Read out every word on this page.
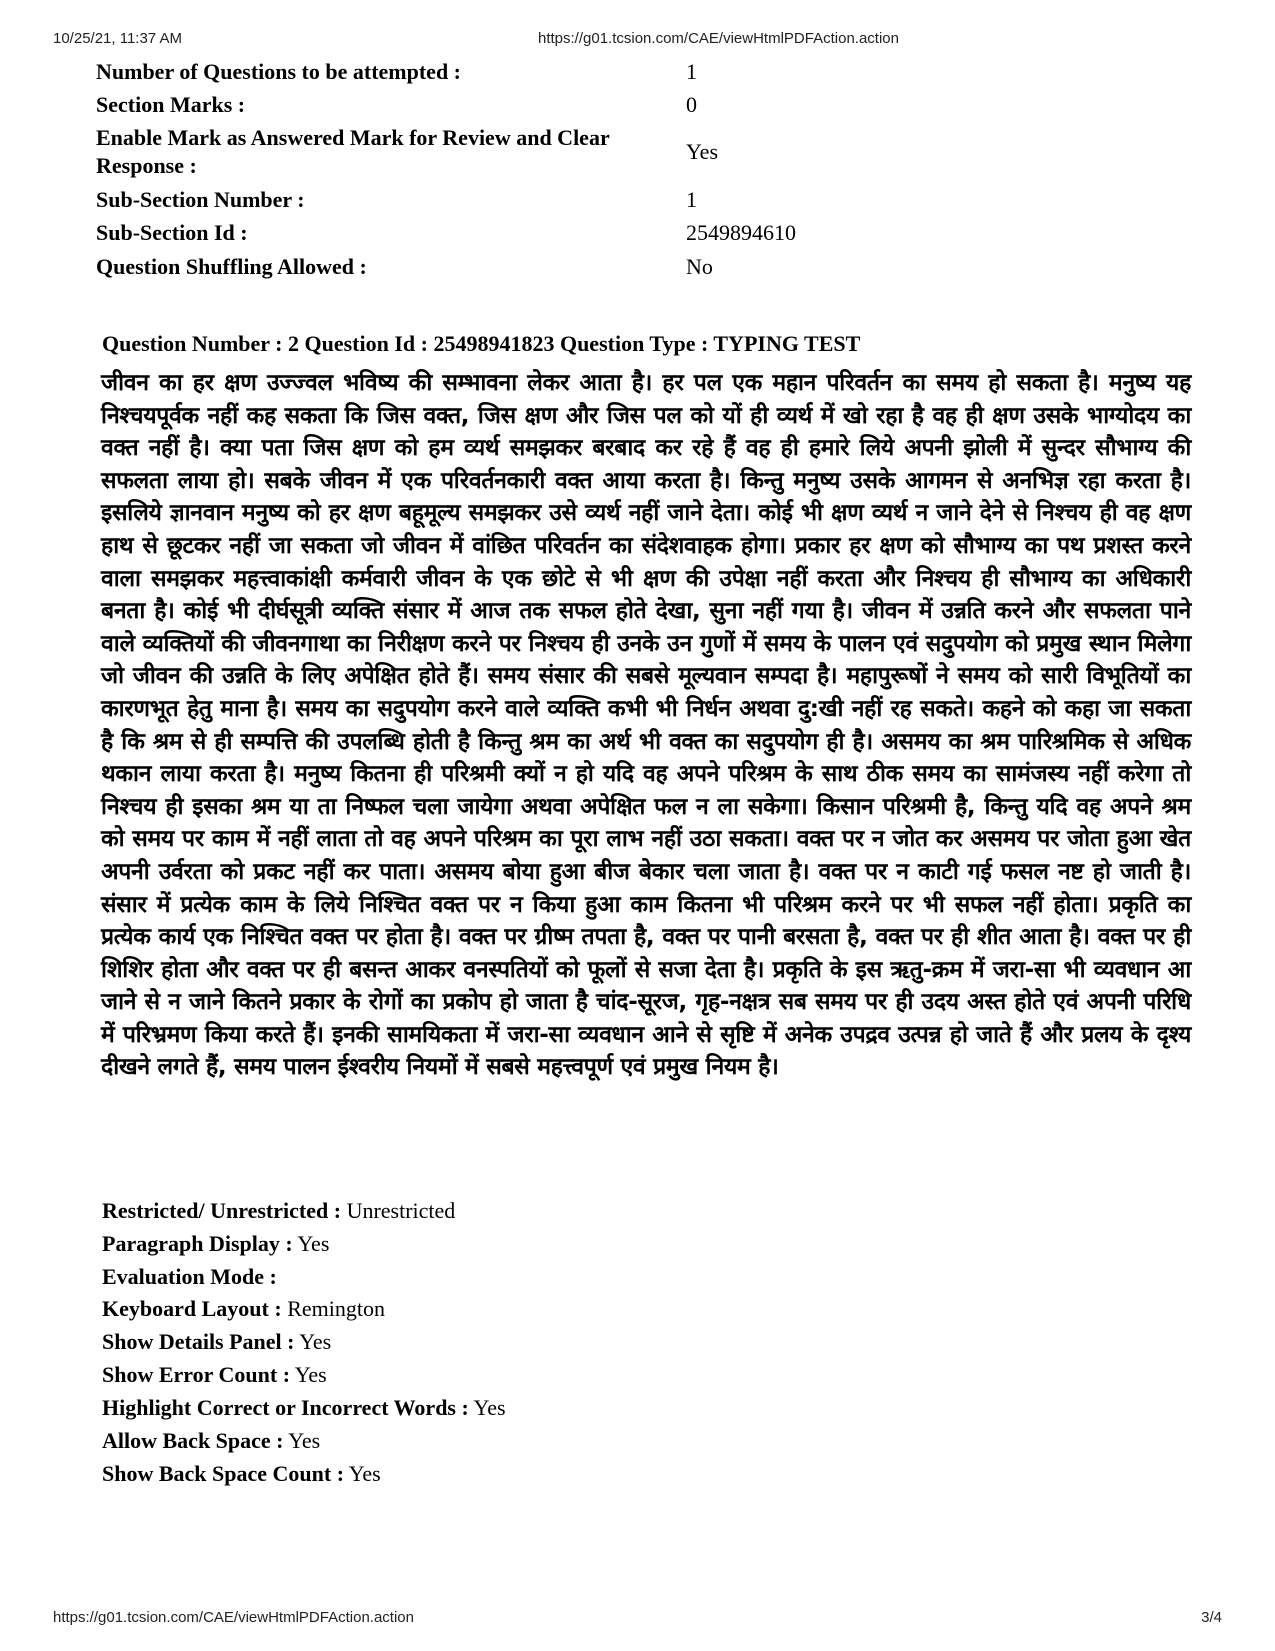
10/25/21, 11:37 AM	https://g01.tcsion.com/CAE/viewHtmlPDFAction.action
Number of Questions to be attempted :	1
Section Marks :	0
Enable Mark as Answered Mark for Review and Clear Response :	Yes
Sub-Section Number :	1
Sub-Section Id :	2549894610
Question Shuffling Allowed :	No
Question Number : 2 Question Id : 25498941823 Question Type : TYPING TEST
जीवन का हर क्षण उज्ज्वल भविष्य की सम्भावना लेकर आता है। हर पल एक महान परिवर्तन का समय हो सकता है। मनुष्य यह निश्चयपूर्वक नहीं कह सकता कि जिस वक्त, जिस क्षण और जिस पल को यों ही व्यर्थ में खो रहा है वह ही क्षण उसके भाग्योदय का वक्त नहीं है। क्या पता जिस क्षण को हम व्यर्थ समझकर बरबाद कर रहे हैं वह ही हमारे लिये अपनी झोली में सुन्दर सौभाग्य की सफलता लाया हो। सबके जीवन में एक परिवर्तनकारी वक्त आया करता है। किन्तु मनुष्य उसके आगमन से अनभिज्ञ रहा करता है। इसलिये ज्ञानवान मनुष्य को हर क्षण बहूमूल्य समझकर उसे व्यर्थ नहीं जाने देता। कोई भी क्षण व्यर्थ न जाने देने से निश्चय ही वह क्षण हाथ से छूटकर नहीं जा सकता जो जीवन में वांछित परिवर्तन का संदेशवाहक होगा। प्रकार हर क्षण को सौभाग्य का पथ प्रशस्त करने वाला समझकर महत्त्वाकांक्षी कर्मवारी जीवन के एक छोटे से भी क्षण की उपेक्षा नहीं करता और निश्चय ही सौभाग्य का अधिकारी बनता है। कोई भी दीर्घसूत्री व्यक्ति संसार में आज तक सफल होते देखा, सुना नहीं गया है। जीवन में उन्नति करने और सफलता पाने वाले व्यक्तियों की जीवनगाथा का निरीक्षण करने पर निश्चय ही उनके उन गुणों में समय के पालन एवं सदुपयोग को प्रमुख स्थान मिलेगा जो जीवन की उन्नति के लिए अपेक्षित होते हैं। समय संसार की सबसे मूल्यवान सम्पदा है। महापुरूषों ने समय को सारी विभूतियों का कारणभूत हेतु माना है। समय का सदुपयोग करने वाले व्यक्ति कभी भी निर्धन अथवा दु:खी नहीं रह सकते। कहने को कहा जा सकता है कि श्रम से ही सम्पत्ति की उपलब्धि होती है किन्तु श्रम का अर्थ भी वक्त का सदुपयोग ही है। असमय का श्रम पारिश्रमिक से अधिक थकान लाया करता है। मनुष्य कितना ही परिश्रमी क्यों न हो यदि वह अपने परिश्रम के साथ ठीक समय का सामंजस्य नहीं करेगा तो निश्चय ही इसका श्रम या ता निष्फल चला जायेगा अथवा अपेक्षित फल न ला सकेगा। किसान परिश्रमी है, किन्तु यदि वह अपने श्रम को समय पर काम में नहीं लाता तो वह अपने परिश्रम का पूरा लाभ नहीं उठा सकता। वक्त पर न जोत कर असमय पर जोता हुआ खेत अपनी उर्वरता को प्रकट नहीं कर पाता। असमय बोया हुआ बीज बेकार चला जाता है। वक्त पर न काटी गई फसल नष्ट हो जाती है। संसार में प्रत्येक काम के लिये निश्चित वक्त पर न किया हुआ काम कितना भी परिश्रम करने पर भी सफल नहीं होता। प्रकृति का प्रत्येक कार्य एक निश्चित वक्त पर होता है। वक्त पर ग्रीष्म तपता है, वक्त पर पानी बरसता है, वक्त पर ही शीत आता है। वक्त पर ही शिशिर होता और वक्त पर ही बसन्त आकर वनस्पतियों को फूलों से सजा देता है। प्रकृति के इस ऋतु-क्रम में जरा-सा भी व्यवधान आ जाने से न जाने कितने प्रकार के रोगों का प्रकोप हो जाता है चांद-सूरज, गृह-नक्षत्र सब समय पर ही उदय अस्त होते एवं अपनी परिधि में परिभ्रमण किया करते हैं। इनकी सामयिकता में जरा-सा व्यवधान आने से सृष्टि में अनेक उपद्रव उत्पन्न हो जाते हैं और प्रलय के दृश्य दीखने लगते हैं, समय पालन ईश्वरीय नियमों में सबसे महत्त्वपूर्ण एवं प्रमुख नियम है।
Restricted/ Unrestricted : Unrestricted
Paragraph Display : Yes
Evaluation Mode :
Keyboard Layout : Remington
Show Details Panel : Yes
Show Error Count : Yes
Highlight Correct or Incorrect Words : Yes
Allow Back Space : Yes
Show Back Space Count : Yes
https://g01.tcsion.com/CAE/viewHtmlPDFAction.action	3/4
